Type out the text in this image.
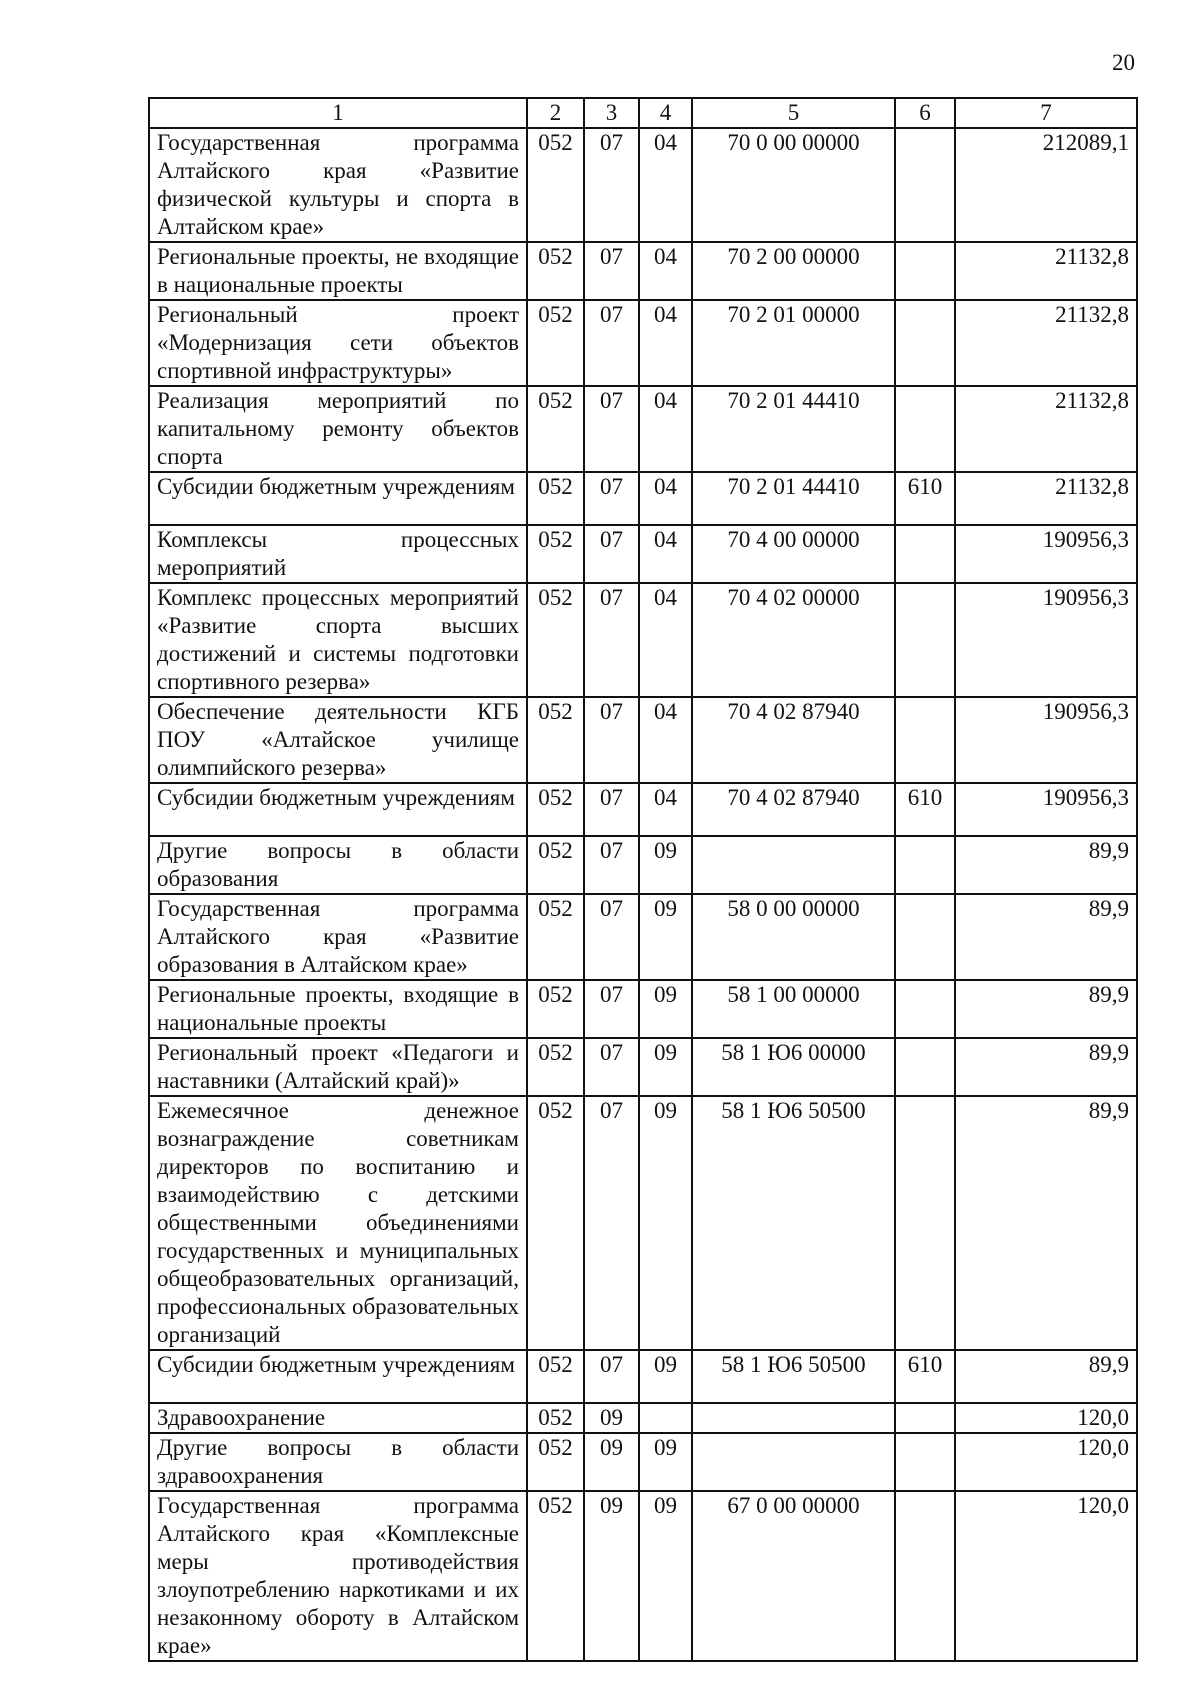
20
1	2	3	4	5	6	7
Государственная программа Алтайского края «Развитие физической культуры и спорта в Алтайском крае»	052	07	04	70 0 00 00000		212089,1
Региональные проекты, не входящие в национальные проекты	052	07	04	70 2 00 00000		21132,8
Региональный проект «Модернизация сети объектов спортивной инфраструктуры»	052	07	04	70 2 01 00000		21132,8
Реализация мероприятий по капитальному ремонту объектов спорта	052	07	04	70 2 01 44410		21132,8
Субсидии бюджетным учреждениям	052	07	04	70 2 01 44410	610	21132,8
Комплексы процессных мероприятий	052	07	04	70 4 00 00000		190956,3
Комплекс процессных мероприятий «Развитие спорта высших достижений и системы подготовки спортивного резерва»	052	07	04	70 4 02 00000		190956,3
Обеспечение деятельности КГБ ПОУ «Алтайское училище олимпийского резерва»	052	07	04	70 4 02 87940		190956,3
Субсидии бюджетным учреждениям	052	07	04	70 4 02 87940	610	190956,3
Другие вопросы в области образования	052	07	09			89,9
Государственная программа Алтайского края «Развитие образования в Алтайском крае»	052	07	09	58 0 00 00000		89,9
Региональные проекты, входящие в национальные проекты	052	07	09	58 1 00 00000		89,9
Региональный проект «Педагоги и наставники (Алтайский край)»	052	07	09	58 1 Ю6 00000		89,9
Ежемесячное денежное вознаграждение советникам директоров по воспитанию и взаимодействию с детскими общественными объединениями государственных и муниципальных общеобразовательных организаций, профессиональных образовательных организаций	052	07	09	58 1 Ю6 50500		89,9
Субсидии бюджетным учреждениям	052	07	09	58 1 Ю6 50500	610	89,9
Здравоохранение	052	09				120,0
Другие вопросы в области здравоохранения	052	09	09			120,0
Государственная программа Алтайского края «Комплексные меры противодействия злоупотреблению наркотиками и их незаконному обороту в Алтайском крае»	052	09	09	67 0 00 00000		120,0
